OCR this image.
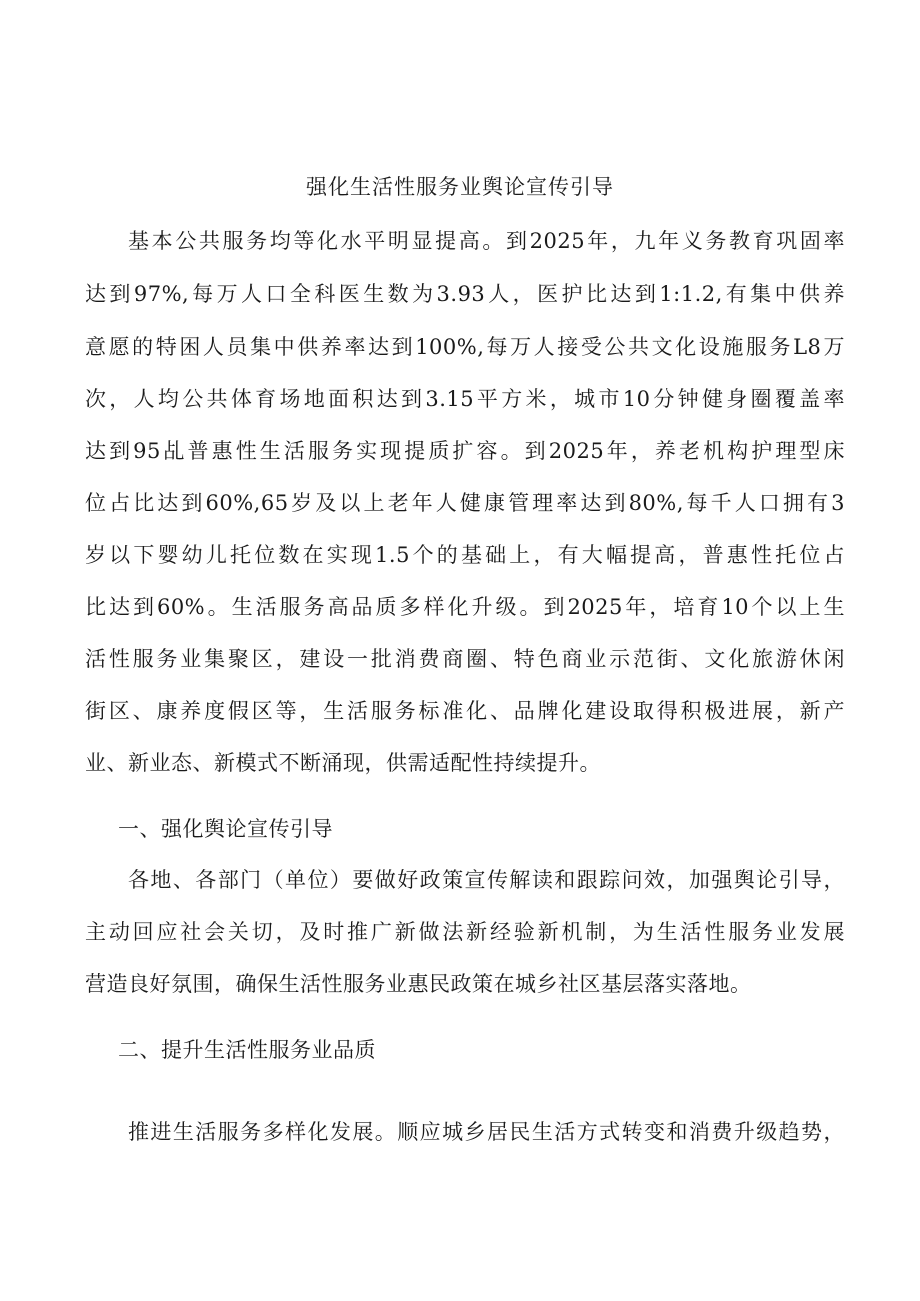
强化生活性服务业舆论宣传引导
基本公共服务均等化水平明显提高。到2025年，九年义务教育巩固率
达到97%,每万人口全科医生数为3.93人，医护比达到1:1.2,有集中供养
意愿的特困人员集中供养率达到100%,每万人接受公共文化设施服务L8万
次，人均公共体育场地面积达到3.15平方米，城市10分钟健身圈覆盖率
达到95乩普惠性生活服务实现提质扩容。到2025年，养老机构护理型床
位占比达到60%,65岁及以上老年人健康管理率达到80%,每千人口拥有3
岁以下婴幼儿托位数在实现1.5个的基础上，有大幅提高，普惠性托位占
比达到60%。生活服务高品质多样化升级。到2025年，培育10个以上生
活性服务业集聚区，建设一批消费商圈、特色商业示范街、文化旅游休闲
街区、康养度假区等，生活服务标准化、品牌化建设取得积极进展，新产
业、新业态、新模式不断涌现，供需适配性持续提升。
一、强化舆论宣传引导
各地、各部门（单位）要做好政策宣传解读和跟踪问效，加强舆论引导，
主动回应社会关切，及时推广新做法新经验新机制，为生活性服务业发展
营造良好氛围，确保生活性服务业惠民政策在城乡社区基层落实落地。
二、提升生活性服务业品质
推进生活服务多样化发展。顺应城乡居民生活方式转变和消费升级趋势，
